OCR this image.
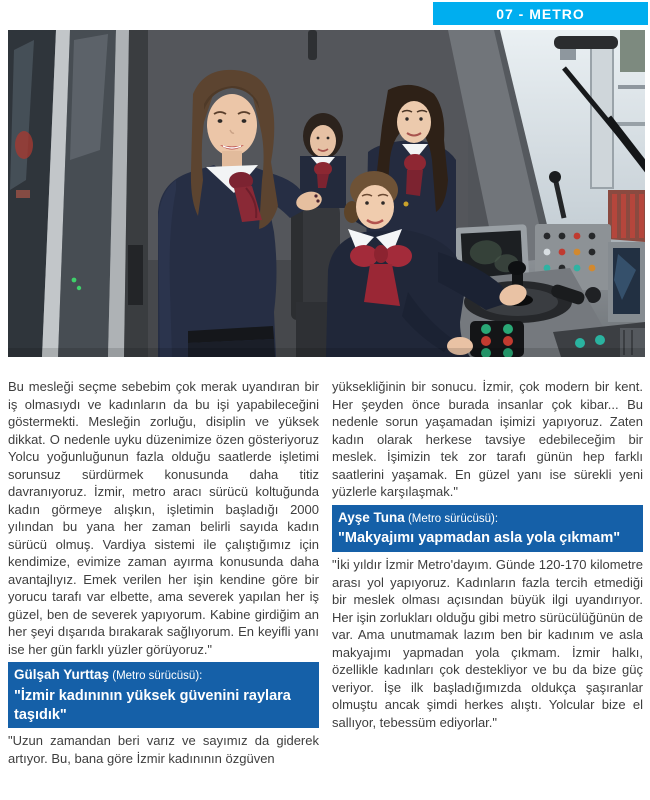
07 - METRO

Bu mesleği seçme sebebim çok merak uyandıran bir iş olmasıydı ve kadınların da bu işi yapabileceğini göstermekti. Mesleğin zorluğu, disiplin ve yüksek dikkat. O nedenle uyku düzenimize özen gösteriyoruz Yolcu yoğunluğunun fazla olduğu saatlerde işletimi sorunsuz sürdürmek konusunda daha titiz davranıyoruz. İzmir, metro aracı sürücü koltuğunda kadın görmeye alışkın, işletimin başladığı 2000 yılından bu yana her zaman belirli sayıda kadın sürücü olmuş. Vardiya sistemi ile çalıştığımız için kendimize, evimize zaman ayırma konusunda daha avantajlıyız. Emek verilen her işin kendine göre bir yorucu tarafı var elbette, ama severek yapılan her iş güzel, ben de severek yapıyorum. Kabine girdiğim an her şeyi dışarıda bırakarak sağlıyorum. En keyifli yanı ise her gün farklı yüzler görüyoruz."

Gülşah Yurttaş (Metro sürücüsü):
"İzmir kadınının yüksek güvenini raylara taşıdık"

"Uzun zamandan beri varız ve sayımız da giderek artıyor. Bu, bana göre İzmir kadınının özgüven

yüksekliğinin bir sonucu. İzmir, çok modern bir kent. Her şeyden önce burada insanlar çok kibar... Bu nedenle sorun yaşamadan işimizi yapıyoruz. Zaten kadın olarak herkese tavsiye edebileceğim bir meslek. İşimizin tek zor tarafı günün hep farklı saatlerini yaşamak. En güzel yanı ise sürekli yeni yüzlerle karşılaşmak."

Ayşe Tuna (Metro sürücüsü):
"Makyajımı yapmadan asla yola çıkmam"

"İki yıldır İzmir Metro'dayım. Günde 120-170 kilometre arası yol yapıyoruz. Kadınların fazla tercih etmediği bir meslek olması açısından büyük ilgi uyandırıyor. Her işin zorlukları olduğu gibi metro sürücülüğünün de var. Ama unutmamak lazım ben bir kadınım ve asla makyajımı yapmadan yola çıkmam. İzmir halkı, özellikle kadınları çok destekliyor ve bu da bize güç veriyor. İşe ilk başladığımızda oldukça şaşıranlar olmuştu ancak şimdi herkes alıştı. Yolcular bize el sallıyor, tebessüm ediyorlar."
